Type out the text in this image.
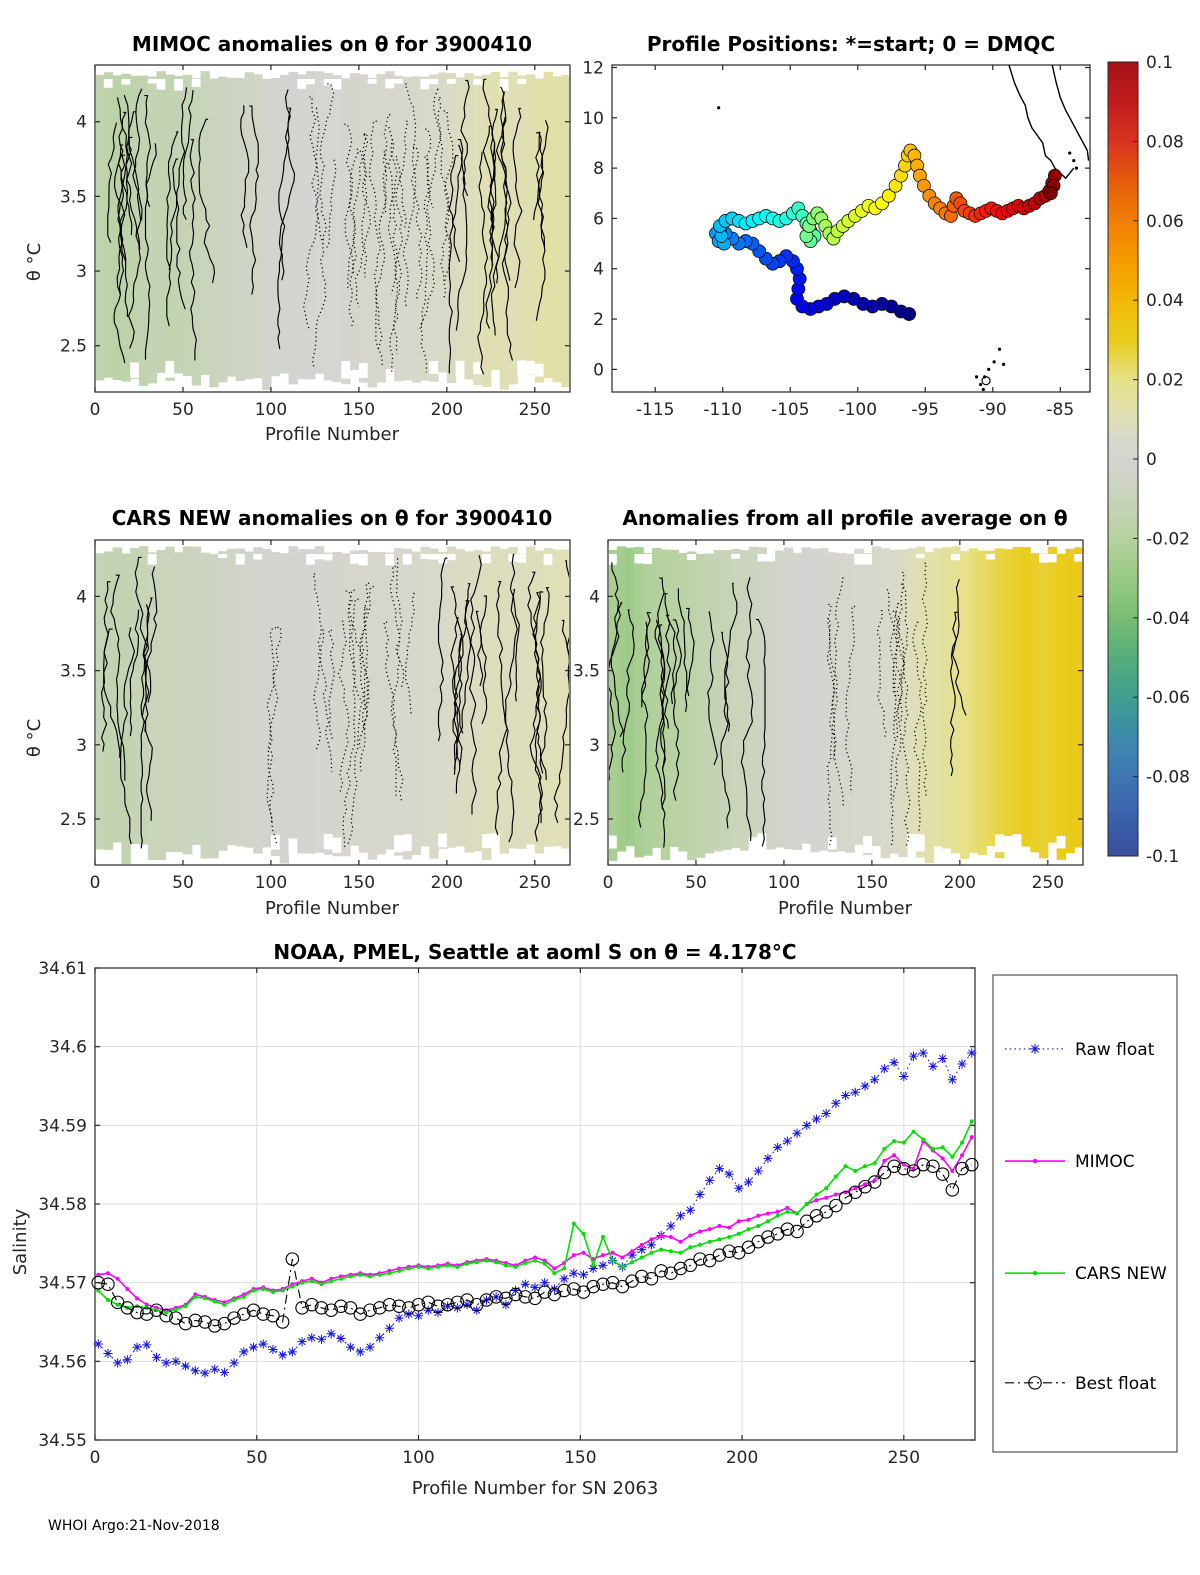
0	50	100	150	200	250
2.5
3
3.5
4
0	50	100	150	200	250
2.5
3
3.5
4
0	50	100	150	200	250
2.5
3
3.5
4
-115 -110 -105 -100 -95 -90 -85
0
2
4
6
8
10
12	0.1
0.08
0.06
0.04
0.02
0
-0.02
-0.04
-0.06
-0.08
-0.1
0	50	100	150	200	250
34.55
34.56
34.57
34.58
34.59
34.6
34.61
Raw float
MIMOC
CARS NEW
Best float
MIMOC anomalies on θ for 3900410	Profile Positions: *=start; 0 = DMQC
CARS NEW anomalies on θ for 3900410	Anomalies from all profile average on θ
NOAA, PMEL, Seattle at aoml S on θ = 4.178°C
Profile Number
Profile Number	Profile Number
Profile Number for SN 2063
θ °C
θ °C
Salinity
WHOI Argo:21-Nov-2018
